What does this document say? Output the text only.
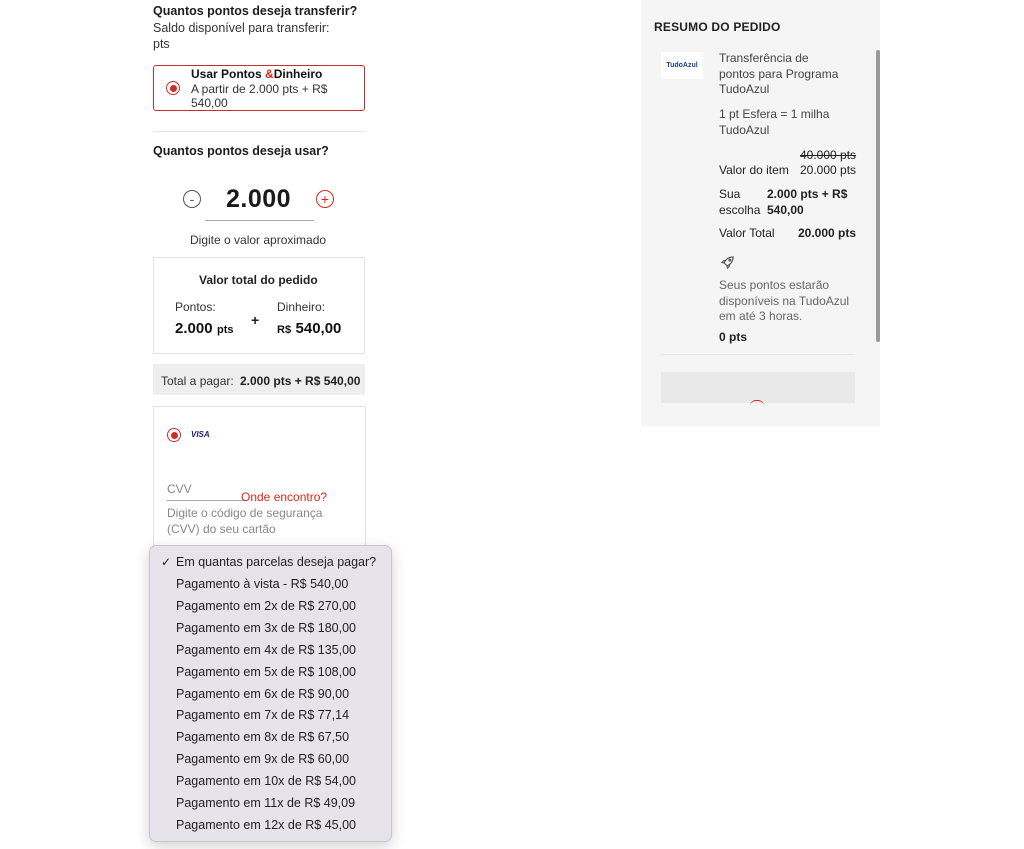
Quantos pontos deseja transferir?
Saldo disponível para transferir:
pts
Usar Pontos &Dinheiro
A partir de 2.000 pts + R$
540,00
Quantos pontos deseja usar?
- 2.000 +
Digite o valor aproximado
Valor total do pedido
Pontos:
2.000 pts
+
Dinheiro:
R$ 540,00
Total a pagar: 2.000 pts + R$ 540,00
VISA
CVV
Onde encontro?
Digite o código de segurança
(CVV) do seu cartão
✓ Em quantas parcelas deseja pagar?
Pagamento à vista - R$ 540,00
Pagamento em 2x de R$ 270,00
Pagamento em 3x de R$ 180,00
Pagamento em 4x de R$ 135,00
Pagamento em 5x de R$ 108,00
Pagamento em 6x de R$ 90,00
Pagamento em 7x de R$ 77,14
Pagamento em 8x de R$ 67,50
Pagamento em 9x de R$ 60,00
Pagamento em 10x de R$ 54,00
Pagamento em 11x de R$ 49,09
Pagamento em 12x de R$ 45,00
RESUMO DO PEDIDO
TudoAzul
Transferência de
pontos para Programa
TudoAzul
1 pt Esfera = 1 milha
TudoAzul
40.000 pts
Valor do item 20.000 pts
Sua
escolha
2.000 pts + R$
540,00
Valor Total 20.000 pts
Seus pontos estarão
disponíveis na TudoAzul
em até 3 horas.
0 pts
